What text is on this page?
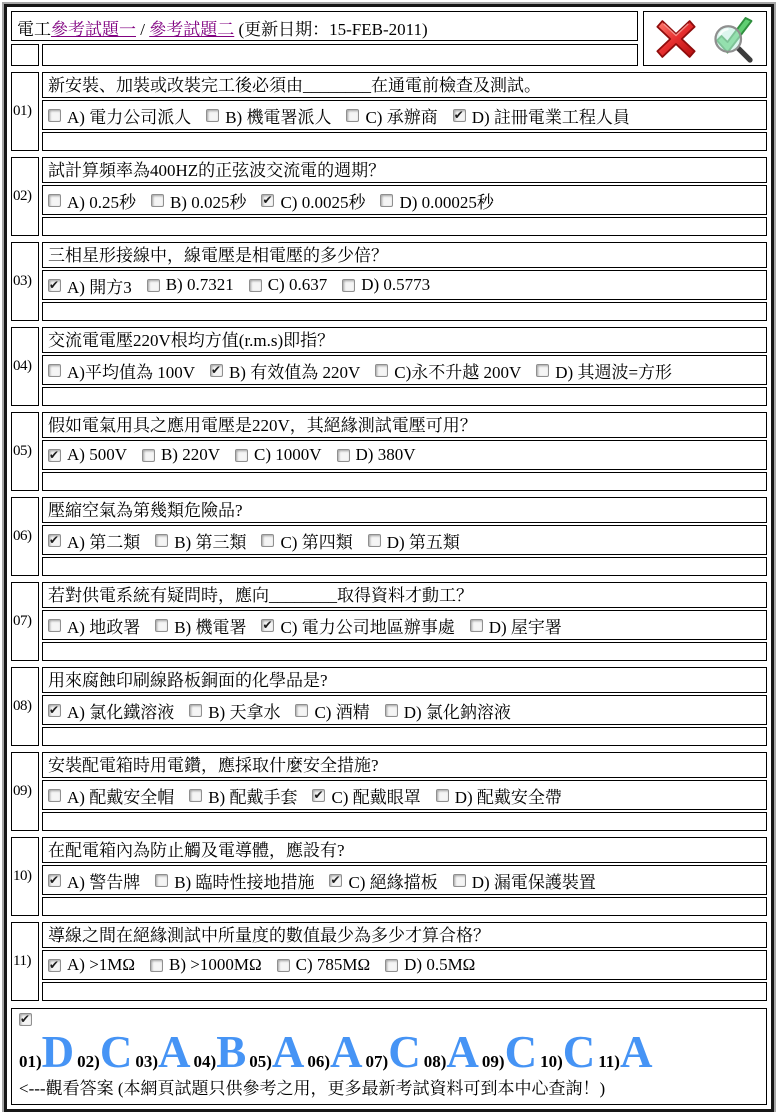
電工參考試題一 / 參考試題二 (更新日期：15-FEB-2011)
01)
新安裝、加裝或改裝完工後必須由________在通電前檢查及測試。
A) 電力公司派人 B) 機電署派人 C) 承辦商 ✔ D) 註冊電業工程人員
02)
試計算頻率為400HZ的正弦波交流電的週期？
A) 0.25秒 B) 0.025秒 ✔ C) 0.0025秒 D) 0.00025秒
03)
三相星形接線中，線電壓是相電壓的多少倍？
✔
A) 開方3 B) 0.7321 C) 0.637 D) 0.5773
04)
交流電電壓220V根均方值(r.m.s)即指？
A)平均值為 100V ✔ B) 有效值為 220V C)永不升越 200V D) 其週波=方形
05)
假如電氣用具之應用電壓是220V，其絕緣測試電壓可用？
✔
A) 500V B) 220V C) 1000V D) 380V
06)
壓縮空氣為第幾類危險品?
✔
A) 第二類 B) 第三類 C) 第四類 D) 第五類
07)
若對供電系統有疑問時，應向________取得資料才動工？
A) 地政署 B) 機電署 ✔ C) 電力公司地區辦事處 D) 屋宇署
08)
用來腐蝕印刷線路板銅面的化學品是?
✔
A) 氯化鐵溶液 B) 天拿水 C) 酒精 D) 氯化鈉溶液
09)
安裝配電箱時用電鑽，應採取什麼安全措施?
A) 配戴安全帽 B) 配戴手套 ✔ C) 配戴眼罩 D) 配戴安全帶
10)
在配電箱內為防止觸及電導體，應設有?
✔
A) 警告牌 B) 臨時性接地措施 ✔ C) 絕緣擋板 D) 漏電保護裝置
11)
導線之間在絕緣測試中所量度的數值最少為多少才算合格？
✔
A) >1MΩ B) >1000MΩ C) 785MΩ D) 0.5MΩ
✔
01) D 02) C 03) A 04) B 05) A 06) A 07) C 08) A 09) C 10) C 11) A
<---觀看答案 (本網頁試題只供參考之用，更多最新考試資料可到本中心查詢！)
